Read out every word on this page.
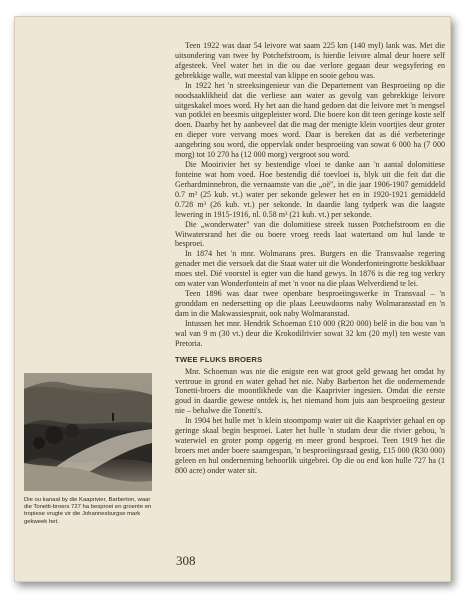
Teen 1922 was daar 54 leivore wat saam 225 km (140 myl) lank was. Met die uitsondering van twee by Potchefstroom, is hierdie leivore almal deur boere self afgesteek. Veel water het in die ou dae verlore gegaan deur wegsyfering en gebrekkige walle, wat meestal van klippe en sooie gebou was.

In 1922 het 'n streeksingenieur van die Departement van Besproeiing op die noodsaaklikheid dat die verliese aan water as gevolg van gebrekkige leivore uitgeskakel moes word. Hy het aan die hand gedoen dat die leivore met 'n mengsel van potklei en beesmis uitgepleister word. Die boere kon dit teen geringe koste self doen. Daarby het hy aanbeveel dat die mag der menigte klein voortjies deur groter en dieper vore vervang moes word. Daar is bereken dat as dié verbeteringe aangebring sou word, die oppervlak onder besproeiing van sowat 6 000 ha (7 000 morg) tot 10 270 ha (12 000 morg) vergroot sou word.

Die Mooirivier het sy bestendige vloei te danke aan 'n aantal dolomitiese fonteine wat hom voed. Hoe bestendig dié toevloei is, blyk uit die feit dat die Gerhardminnebron, die vernaamste van die „oë", in die jaar 1906-1907 gemiddeld 0.7 m³ (25 kub. vt.) water per sekonde gelewer het en in 1920-1921 gemiddeld 0.728 m³ (26 kub. vt.) per sekonde. In daardie lang tydperk was die laagste lewering in 1915-1916, nl. 0.58 m³ (21 kub. vt.) per sekonde.

Die „wonderwater" van die dolomitiese streek tussen Potchefstroom en die Witwatersrand het die ou boere vroeg reeds laat watertand om hul lande te besproei.

In 1874 het 'n mnr. Wolmarans pres. Burgers en die Transvaalse regering genader met die versoek dat die Staat water uit die Wonderfonteingrotte beskikbaar moes stel. Dié voorstel is egter van die hand gewys. In 1876 is die reg tog verkry om water van Wonderfontein af met 'n voor na die plaas Welverdiend te lei.

Teen 1896 was daar twee openbare besproeiingswerke in Transvaal – 'n gronddam en nedersetting op die plaas Leeuwdoorns naby Wolmaransstad en 'n dam in die Makwassiespruit, ook naby Wolmaranstad.

Intussen het mnr. Hendrik Schoeman £10 000 (R20 000) belê in die bou van 'n wal van 9 m (30 vt.) deur die Krokodilrivier sowat 32 km (20 myl) ten weste van Pretoria.

TWEE FLUKS BROERS

Mnr. Schoeman was nie die enigste een wat groot geld gewaag het omdat hy vertroue in grond en water gehad het nie. Naby Barberton het die ondernemende Tonetti-broers die moontlikhede van die Kaaprivier ingesien. Omdat die eerste goud in daardie gewese ontdek is, het niemand hom juis aan besproeiing gesteur nie – behalwe die Tonetti's.

In 1904 het hulle met 'n klein stoompomp water uit die Kaaprivier gehaal en op geringe skaal begin besproei. Later het hulle 'n studam deur die rivier gebou, 'n waterwiel en groter pomp opgerig en meer grond besproei. Teen 1919 het die broers met ander boere saamgespan, 'n besproeiingsraad gestig, £15 000 (R30 000) geleen en hul onderneming behoorlik uitgebrei. Op die ou end kon hulle 727 ha (1 800 acre) onder water sit.

Die ou kanaal by die Kaaprivier, Barberton, waar die Tonetti-broers 727 ha besproei en groente en tropiese vrugte vir die Johannesburgse mark gekweek het.
308
